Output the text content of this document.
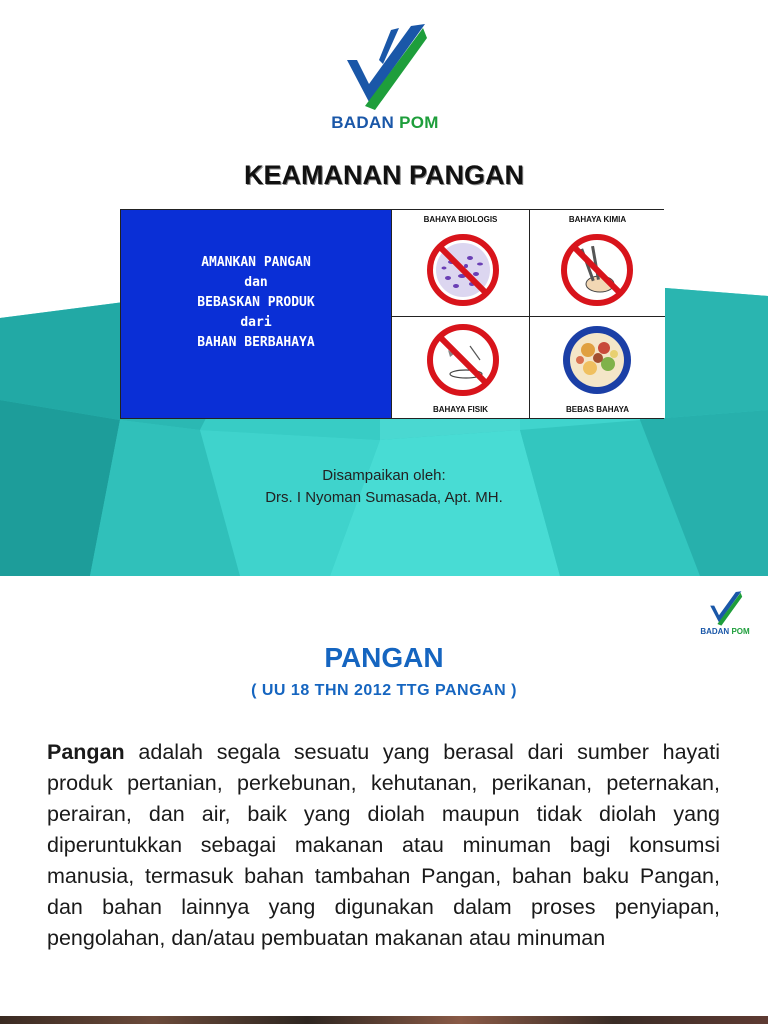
BADAN POM
KEAMANAN PANGAN
AMANKAN PANGAN
dan
BEBASKAN PRODUK
dari
BAHAN BERBAHAYA
BAHAYA BIOLOGIS	BAHAYA KIMIA
BAHAYA FISIK	BEBAS BAHAYA
Disampaikan oleh:
Drs. I Nyoman Sumasada, Apt. MH.
BADAN POM
PANGAN
( UU 18 THN 2012 TTG PANGAN )
Pangan adalah segala sesuatu yang berasal dari sumber hayati produk pertanian, perkebunan, kehutanan, perikanan, peternakan, perairan, dan air, baik yang diolah maupun tidak diolah yang diperuntukkan sebagai makanan atau minuman bagi konsumsi manusia, termasuk bahan tambahan Pangan, bahan baku Pangan, dan bahan lainnya yang digunakan dalam proses penyiapan, pengolahan, dan/atau pembuatan makanan atau minuman
